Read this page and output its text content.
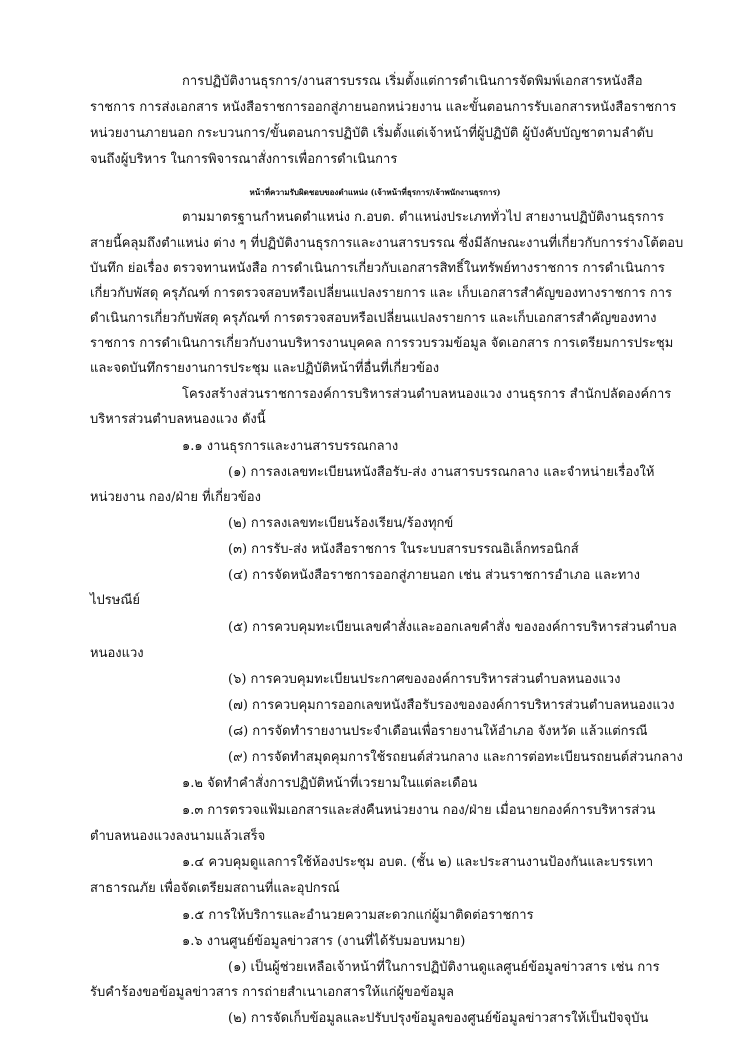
การปฏิบัติงานธุรการ/งานสารบรรณ เริ่มตั้งแต่การดำเนินการจัดพิมพ์เอกสารหนังสือ
ราชการ การส่งเอกสาร หนังสือราชการออกสู่ภายนอกหน่วยงาน และขั้นตอนการรับเอกสารหนังสือราชการ
หน่วยงานภายนอก กระบวนการ/ขั้นตอนการปฏิบัติ เริ่มตั้งแต่เจ้าหน้าที่ผู้ปฏิบัติ ผู้บังคับบัญชาตามลำดับ
จนถึงผู้บริหาร ในการพิจารณาสั่งการเพื่อการดำเนินการ
หน้าที่ความรับผิดชอบของตำแหน่ง (เจ้าหน้าที่ธุรการ/เจ้าพนักงานธุรการ)
ตามมาตรฐานกำหนดตำแหน่ง ก.อบต. ตำแหน่งประเภททั่วไป สายงานปฏิบัติงานธุรการ
สายนี้คลุมถึงตำแหน่ง ต่าง ๆ ที่ปฏิบัติงานธุรการและงานสารบรรณ ซึ่งมีลักษณะงานที่เกี่ยวกับการร่างโต้ตอบ
บันทึก ย่อเรื่อง ตรวจทานหนังสือ การดำเนินการเกี่ยวกับเอกสารสิทธิ์ในทรัพย์ทางราชการ การดำเนินการ
เกี่ยวกับพัสดุ ครุภัณฑ์ การตรวจสอบหรือเปลี่ยนแปลงรายการ และ เก็บเอกสารสำคัญของทางราชการ การ
ดำเนินการเกี่ยวกับพัสดุ ครุภัณฑ์ การตรวจสอบหรือเปลี่ยนแปลงรายการ และเก็บเอกสารสำคัญของทาง
ราชการ การดำเนินการเกี่ยวกับงานบริหารงานบุคคล การรวบรวมข้อมูล จัดเอกสาร การเตรียมการประชุม
และจดบันทึกรายงานการประชุม และปฏิบัติหน้าที่อื่นที่เกี่ยวข้อง
โครงสร้างส่วนราชการองค์การบริหารส่วนตำบลหนองแวง งานธุรการ สำนักปลัดองค์การ
บริหารส่วนตำบลหนองแวง ดังนี้
๑.๑ งานธุรการและงานสารบรรณกลาง
(๑) การลงเลขทะเบียนหนังสือรับ-ส่ง งานสารบรรณกลาง และจำหน่ายเรื่องให้
หน่วยงาน กอง/ฝ่าย ที่เกี่ยวข้อง
(๒) การลงเลขทะเบียนร้องเรียน/ร้องทุกข์
(๓) การรับ-ส่ง หนังสือราชการ ในระบบสารบรรณอิเล็กทรอนิกส์
(๔) การจัดหนังสือราชการออกสู่ภายนอก เช่น ส่วนราชการอำเภอ และทาง
ไปรษณีย์
(๕) การควบคุมทะเบียนเลขคำสั่งและออกเลขคำสั่ง ขององค์การบริหารส่วนตำบล
หนองแวง
(๖) การควบคุมทะเบียนประกาศขององค์การบริหารส่วนตำบลหนองแวง
(๗) การควบคุมการออกเลขหนังสือรับรองขององค์การบริหารส่วนตำบลหนองแวง
(๘) การจัดทำรายงานประจำเดือนเพื่อรายงานให้อำเภอ จังหวัด แล้วแต่กรณี
(๙) การจัดทำสมุดคุมการใช้รถยนต์ส่วนกลาง และการต่อทะเบียนรถยนต์ส่วนกลาง
๑.๒ จัดทำคำสั่งการปฏิบัติหน้าที่เวรยามในแต่ละเดือน
๑.๓ การตรวจแฟ้มเอกสารและส่งคืนหน่วยงาน กอง/ฝ่าย เมื่อนายกองค์การบริหารส่วน
ตำบลหนองแวงลงนามแล้วเสร็จ
๑.๔ ควบคุมดูแลการใช้ห้องประชุม อบต. (ชั้น ๒) และประสานงานป้องกันและบรรเทา
สาธารณภัย เพื่อจัดเตรียมสถานที่และอุปกรณ์
๑.๕ การให้บริการและอำนวยความสะดวกแก่ผู้มาติดต่อราชการ
๑.๖ งานศูนย์ข้อมูลข่าวสาร (งานที่ได้รับมอบหมาย)
(๑) เป็นผู้ช่วยเหลือเจ้าหน้าที่ในการปฏิบัติงานดูแลศูนย์ข้อมูลข่าวสาร เช่น การ
รับคำร้องขอข้อมูลข่าวสาร การถ่ายสำเนาเอกสารให้แก่ผู้ขอข้อมูล
(๒) การจัดเก็บข้อมูลและปรับปรุงข้อมูลของศูนย์ข้อมูลข่าวสารให้เป็นปัจจุบัน
